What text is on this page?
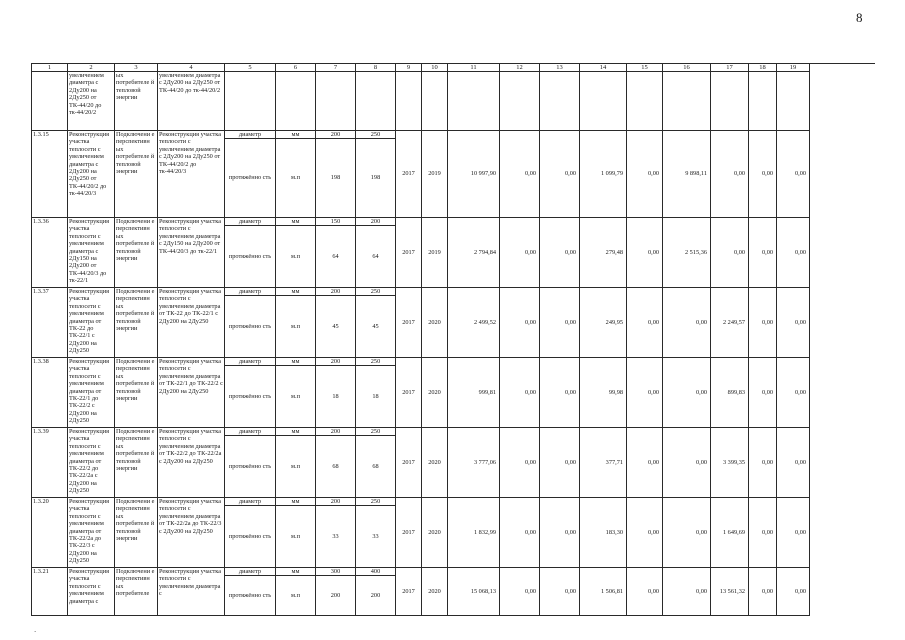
8
1	2	3	4	5	6	7	8	9	10	11	12	13	14	15	16	17	18	19	
	увеличением диаметра с 2Ду200 на 2Ду250 от ТК-44/20 до тк-44/20/2	ых потребителе й тепловой энергии	увеличением диаметра с 2Ду200 на 2Ду250 от ТК-44/20 до тк-44/20/2																
1.3.15	Реконструкция участка теплосети с увеличением диаметра с 2Ду200 на 2Ду250 от ТК-44/20/2 до тк-44/20/3	Подключени е перспективн ых потребителе й тепловой энергии	Реконструкция участка теплосети с увеличением диаметра с 2Ду200 на 2Ду250 от ТК-44/20/2 до тк-44/20/3	диаметр	мм	200	250	2017	2019	10 997,90	0,00	0,00	1 099,79	0,00	9 898,11	0,00	0,00	0,00	
				протяжённо сть	м.п	198	198												
1.3.36	Реконструкция участка теплосети с увеличением диаметра с 2Ду150 на 2Ду200 от ТК-44/20/3 до тк-22/1	Подключени е перспективн ых потребителе й тепловой энергии	Реконструкция участка теплосети с увеличением диаметра с 2Ду150 на 2Ду200 от ТК-44/20/3 до тк-22/1	диаметр	мм	150	200	2017	2019	2 794,84	0,00	0,00	279,48	0,00	2 515,36	0,00	0,00	0,00	
				протяжённо сть	м.п	64	64												
1.3.37	Реконструкция участка теплосети с увеличением диаметра от ТК-22 до ТК-22/1 с 2Ду200 на 2Ду250	Подключени е перспективн ых потребителе й тепловой энергии	Реконструкция участка теплосети с увеличением диаметра от ТК-22 до ТК-22/1 с 2Ду200 на 2Ду250	диаметр	мм	200	250	2017	2020	2 499,52	0,00	0,00	249,95	0,00	0,00	2 249,57	0,00	0,00	
				протяжённо сть	м.п	45	45												
1.3.38	Реконструкция участка теплосети с увеличением диаметра от ТК-22/1 до ТК-22/2 с 2Ду200 на 2Ду250	Подключени е перспективн ых потребителе й тепловой энергии	Реконструкция участка теплосети с увеличением диаметра от ТК-22/1 до ТК-22/2 с 2Ду200 на 2Ду250	диаметр	мм	200	250	2017	2020	999,81	0,00	0,00	99,98	0,00	0,00	899,83	0,00	0,00	
				протяжённо сть	м.п	18	18												
1.3.39	Реконструкция участка теплосети с увеличением диаметра от ТК-22/2 до ТК-22/2а с 2Ду200 на 2Ду250	Подключени е перспективн ых потребителе й тепловой энергии	Реконструкция участка теплосети с увеличением диаметра от ТК-22/2 до ТК-22/2а с 2Ду200 на 2Ду250	диаметр	мм	200	250	2017	2020	3 777,06	0,00	0,00	377,71	0,00	0,00	3 399,35	0,00	0,00	
				протяжённо сть	м.п	68	68												
1.3.20	Реконструкция участка теплосети с увеличением диаметра от ТК-22/2а до ТК-22/3 с 2Ду200 на 2Ду250	Подключени е перспективн ых потребителе й тепловой энергии	Реконструкция участка теплосети с увеличением диаметра от ТК-22/2а до ТК-22/3 с 2Ду200 на 2Ду250	диаметр	мм	200	250	2017	2020	1 832,99	0,00	0,00	183,30	0,00	0,00	1 649,69	0,00	0,00	
				протяжённо сть	м.п	33	33												
1.3.21	Реконструкция участка теплосети с увеличением диаметра с	Подключени е перспективн ых потребителе	Реконструкция участка теплосети с увеличением диаметра с	диаметр	мм	300	400	2017	2020	15 068,13	0,00	0,00	1 506,81	0,00	0,00	13 561,32	0,00	0,00	
				протяжённо сть	м.п	200	200												
`
